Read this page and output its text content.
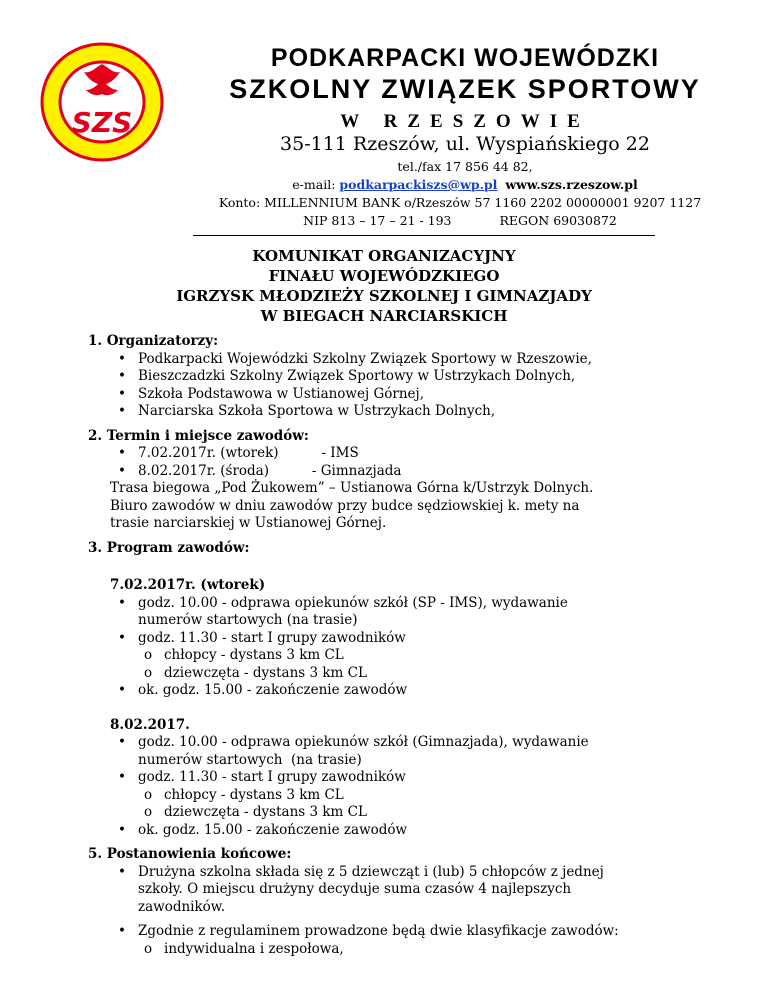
SZS
PODKARPACKI WOJEWÓDZKI
SZKOLNY ZWIĄZEK SPORTOWY
W RZESZOWIE
35-111 Rzeszów, ul. Wyspiańskiego 22
tel./fax 17 856 44 82,
e-mail: podkarpackiszs@wp.pl www.szs.rzeszow.pl
Konto: MILLENNIUM BANK o/Rzeszów 57 1160 2202 00000001 9207 1127
NIP 813 – 17 – 21 - 193	REGON 69030872
KOMUNIKAT ORGANIZACYJNY
FINAŁU WOJEWÓDZKIEGO
IGRZYSK MŁODZIEŻY SZKOLNEJ I GIMNAZJADY
W BIEGACH NARCIARSKICH
1. Organizatorzy:
• Podkarpacki Wojewódzki Szkolny Związek Sportowy w Rzeszowie,
• Bieszczadzki Szkolny Związek Sportowy w Ustrzykach Dolnych,
• Szkoła Podstawowa w Ustianowej Górnej,
• Narciarska Szkoła Sportowa w Ustrzykach Dolnych,
2. Termin i miejsce zawodów:
• 7.02.2017r. (wtorek)          - IMS
• 8.02.2017r. (środa)          - Gimnazjada
Trasa biegowa „Pod Żukowem” – Ustianowa Górna k/Ustrzyk Dolnych.
Biuro zawodów w dniu zawodów przy budce sędziowskiej k. mety na
trasie narciarskiej w Ustianowej Górnej.
3. Program zawodów:
7.02.2017r. (wtorek)
• godz. 10.00 - odprawa opiekunów szkół (SP - IMS), wydawanie
numerów startowych (na trasie)
• godz. 11.30 - start I grupy zawodników
o chłopcy - dystans 3 km CL
o dziewczęta - dystans 3 km CL
• ok. godz. 15.00 - zakończenie zawodów
8.02.2017.
• godz. 10.00 - odprawa opiekunów szkół (Gimnazjada), wydawanie
numerów startowych  (na trasie)
• godz. 11.30 - start I grupy zawodników
o chłopcy - dystans 3 km CL
o dziewczęta - dystans 3 km CL
• ok. godz. 15.00 - zakończenie zawodów
5. Postanowienia końcowe:
• Drużyna szkolna składa się z 5 dziewcząt i (lub) 5 chłopców z jednej
szkoły. O miejscu drużyny decyduje suma czasów 4 najlepszych
zawodników.
• Zgodnie z regulaminem prowadzone będą dwie klasyfikacje zawodów:
o indywidualna i zespołowa,
